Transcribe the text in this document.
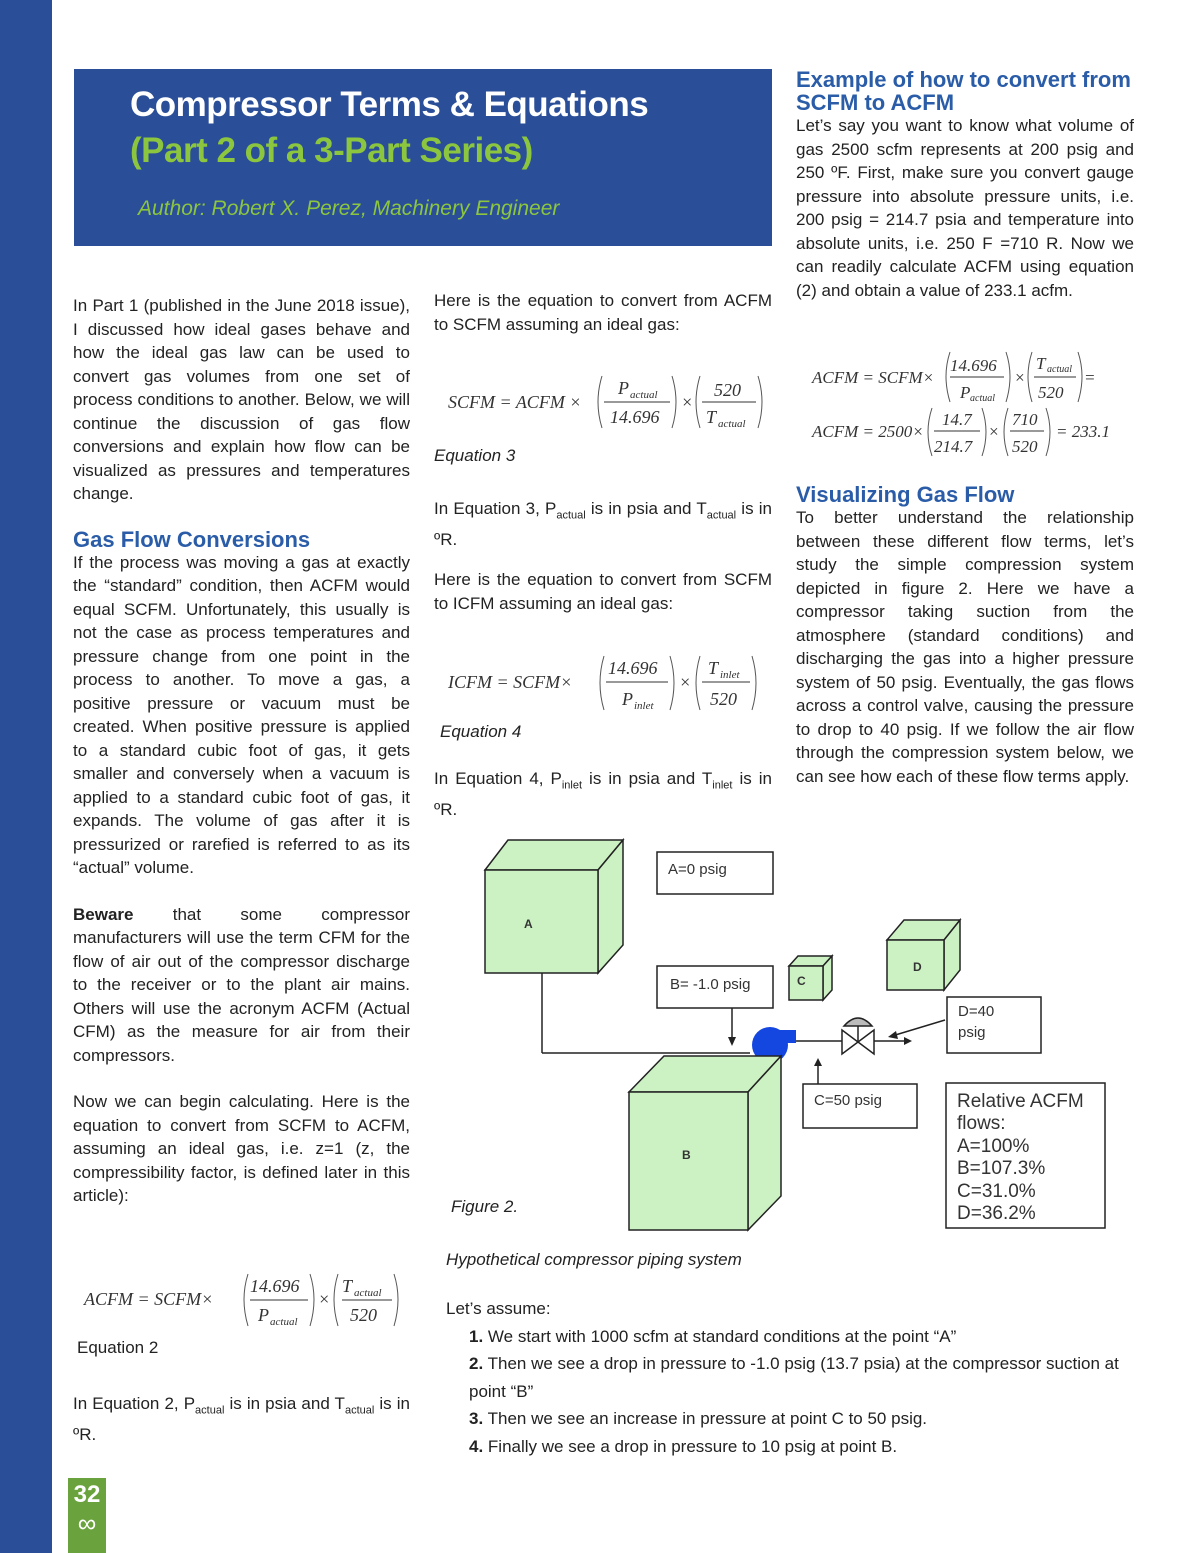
32
∞
Compressor Terms & Equations
(Part 2 of a 3-Part Series)
Author: Robert X. Perez, Machinery Engineer

In Part 1 (published in the June 2018 issue), I discussed how ideal gases behave and how the ideal gas law can be used to convert gas volumes from one set of process conditions to another. Below, we will continue the discussion of gas flow conversions and explain how flow can be visualized as pressures and temperatures change.

Gas Flow Conversions

If the process was moving a gas at exactly the “standard” condition, then ACFM would equal SCFM. Unfortunately, this usually is not the case as process temperatures and pressure change from one point in the process to another. To move a gas, a positive pressure or vacuum must be created. When positive pressure is applied to a standard cubic foot of gas, it gets smaller and conversely when a vacuum is applied to a standard cubic foot of gas, it expands. The volume of gas after it is pressurized or rarefied is referred to as its “actual” volume.

Beware that some compressor manufacturers will use the term CFM for the flow of air out of the compressor discharge to the receiver or to the plant air mains. Others will use the acronym ACFM (Actual CFM) as the measure for air from their compressors.

Now we can begin calculating. Here is the equation to convert from SCFM to ACFM, assuming an ideal gas, i.e. z=1 (z, the compressibility factor, is defined later in this article):

ACFM = SCFM×
14.696
P actual
×
T actual
520
Equation 2

In Equation 2, $P_{actual}$ is in psia and $T_{actual}$ is in ºR.

Here is the equation to convert from ACFM to SCFM assuming an ideal gas:

SCFM = ACFM ×
P actual
14.696
×
520
T actual
Equation 3

In Equation 3, $P_{actual}$ is in psia and $T_{actual}$ is in ºR.

Here is the equation to convert from SCFM to ICFM assuming an ideal gas:

ICFM = SCFM×
14.696
P inlet
×
T inlet
520
Equation 4

In Equation 4, $P_{inlet}$ is in psia and $T_{inlet}$ is in ºR.

Example of how to convert from SCFM to ACFM

Let’s say you want to know what volume of gas 2500 scfm represents at 200 psig and 250 ºF. First, make sure you convert gauge pressure into absolute pressure units, i.e. 200 psig = 214.7 psia and temperature into absolute units, i.e. 250 F =710 R. Now we can readily calculate ACFM using equation (2) and obtain a value of 233.1 acfm.

ACFM = SCFM×
14.696
P actual
×
T actual
520
=
ACFM = 2500×
14.7
214.7
×
710
520
= 233.1
Visualizing Gas Flow

To better understand the relationship between these different flow terms, let’s study the simple compression system depicted in figure 2. Here we have a compressor taking suction from the atmosphere (standard conditions) and discharging the gas into a higher pressure system of 50 psig. Eventually, the gas flows across a control valve, causing the pressure to drop to 40 psig. If we follow the air flow through the compression system below, we can see how each of these flow terms apply.

A
A=0 psig
B= -1.0 psig	C
D
D=40
psig
B
C=50 psig	Relative ACFM
flows:
A=100%
B=107.3%
C=31.0%
D=36.2%
Figure 2.
Hypothetical compressor piping system

Let’s assume:

1. We start with 1000 scfm at standard conditions at the point “A”
2. Then we see a drop in pressure to -1.0 psig (13.7 psia) at the compressor suction at point “B”
3. Then we see an increase in pressure at point C to 50 psig.
4. Finally we see a drop in pressure to 10 psig at point B.
